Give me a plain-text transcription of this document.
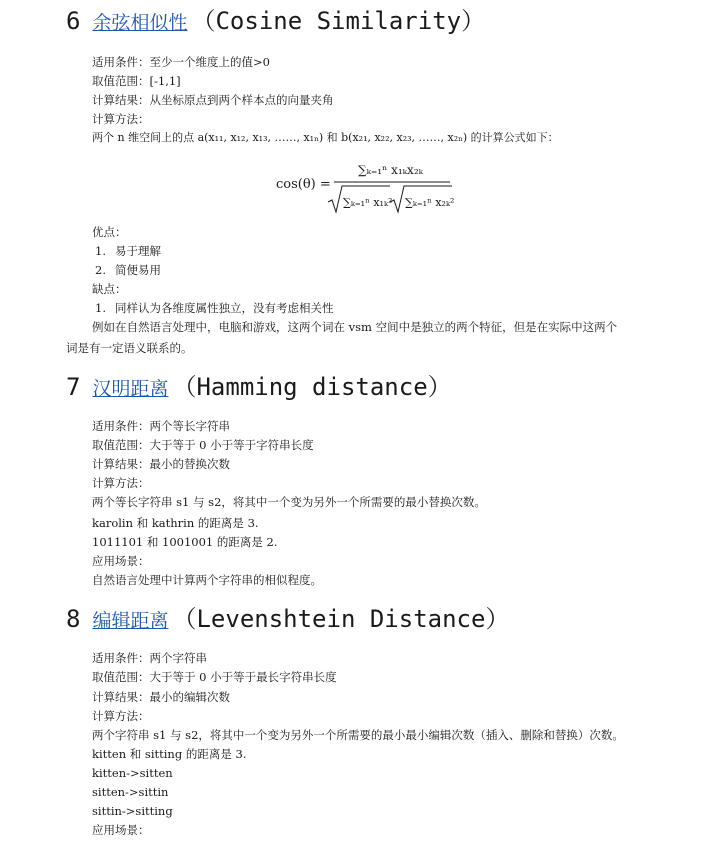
6 余弦相似性 （Cosine Similarity）
适用条件：至少一个维度上的值>0
取值范围：[-1,1]
计算结果：从坐标原点到两个样本点的向量夹角
计算方法：
两个 n 维空间上的点 a(x₁₁, x₁₂, x₁₃, ……, x₁ₙ) 和 b(x₂₁, x₂₂, x₂₃, ……, x₂ₙ) 的计算公式如下：
cos(θ) =
∑ₖ₌₁ⁿ x₁ₖx₂ₖ
∑ₖ₌₁ⁿ x₁ₖ² ∑ₖ₌₁ⁿ x₂ₖ²
优点：
1. 易于理解
2. 简便易用
缺点：
1. 同样认为各维度属性独立，没有考虑相关性
例如在自然语言处理中，电脑和游戏，这两个词在 vsm 空间中是独立的两个特征，但是在实际中这两个
词是有一定语义联系的。
7 汉明距离 （Hamming distance）
适用条件：两个等长字符串
取值范围：大于等于 0 小于等于字符串长度
计算结果：最小的替换次数
计算方法：
两个等长字符串 s1 与 s2，将其中一个变为另外一个所需要的最小替换次数。
karolin 和 kathrin 的距离是 3.
1011101 和 1001001 的距离是 2.
应用场景：
自然语言处理中计算两个字符串的相似程度。
8 编辑距离 （Levenshtein Distance）
适用条件：两个字符串
取值范围：大于等于 0 小于等于最长字符串长度
计算结果：最小的编辑次数
计算方法：
两个字符串 s1 与 s2，将其中一个变为另外一个所需要的最小最小编辑次数（插入、删除和替换）次数。
kitten 和 sitting 的距离是 3.
kitten->sitten
sitten->sittin
sittin->sitting
应用场景：
